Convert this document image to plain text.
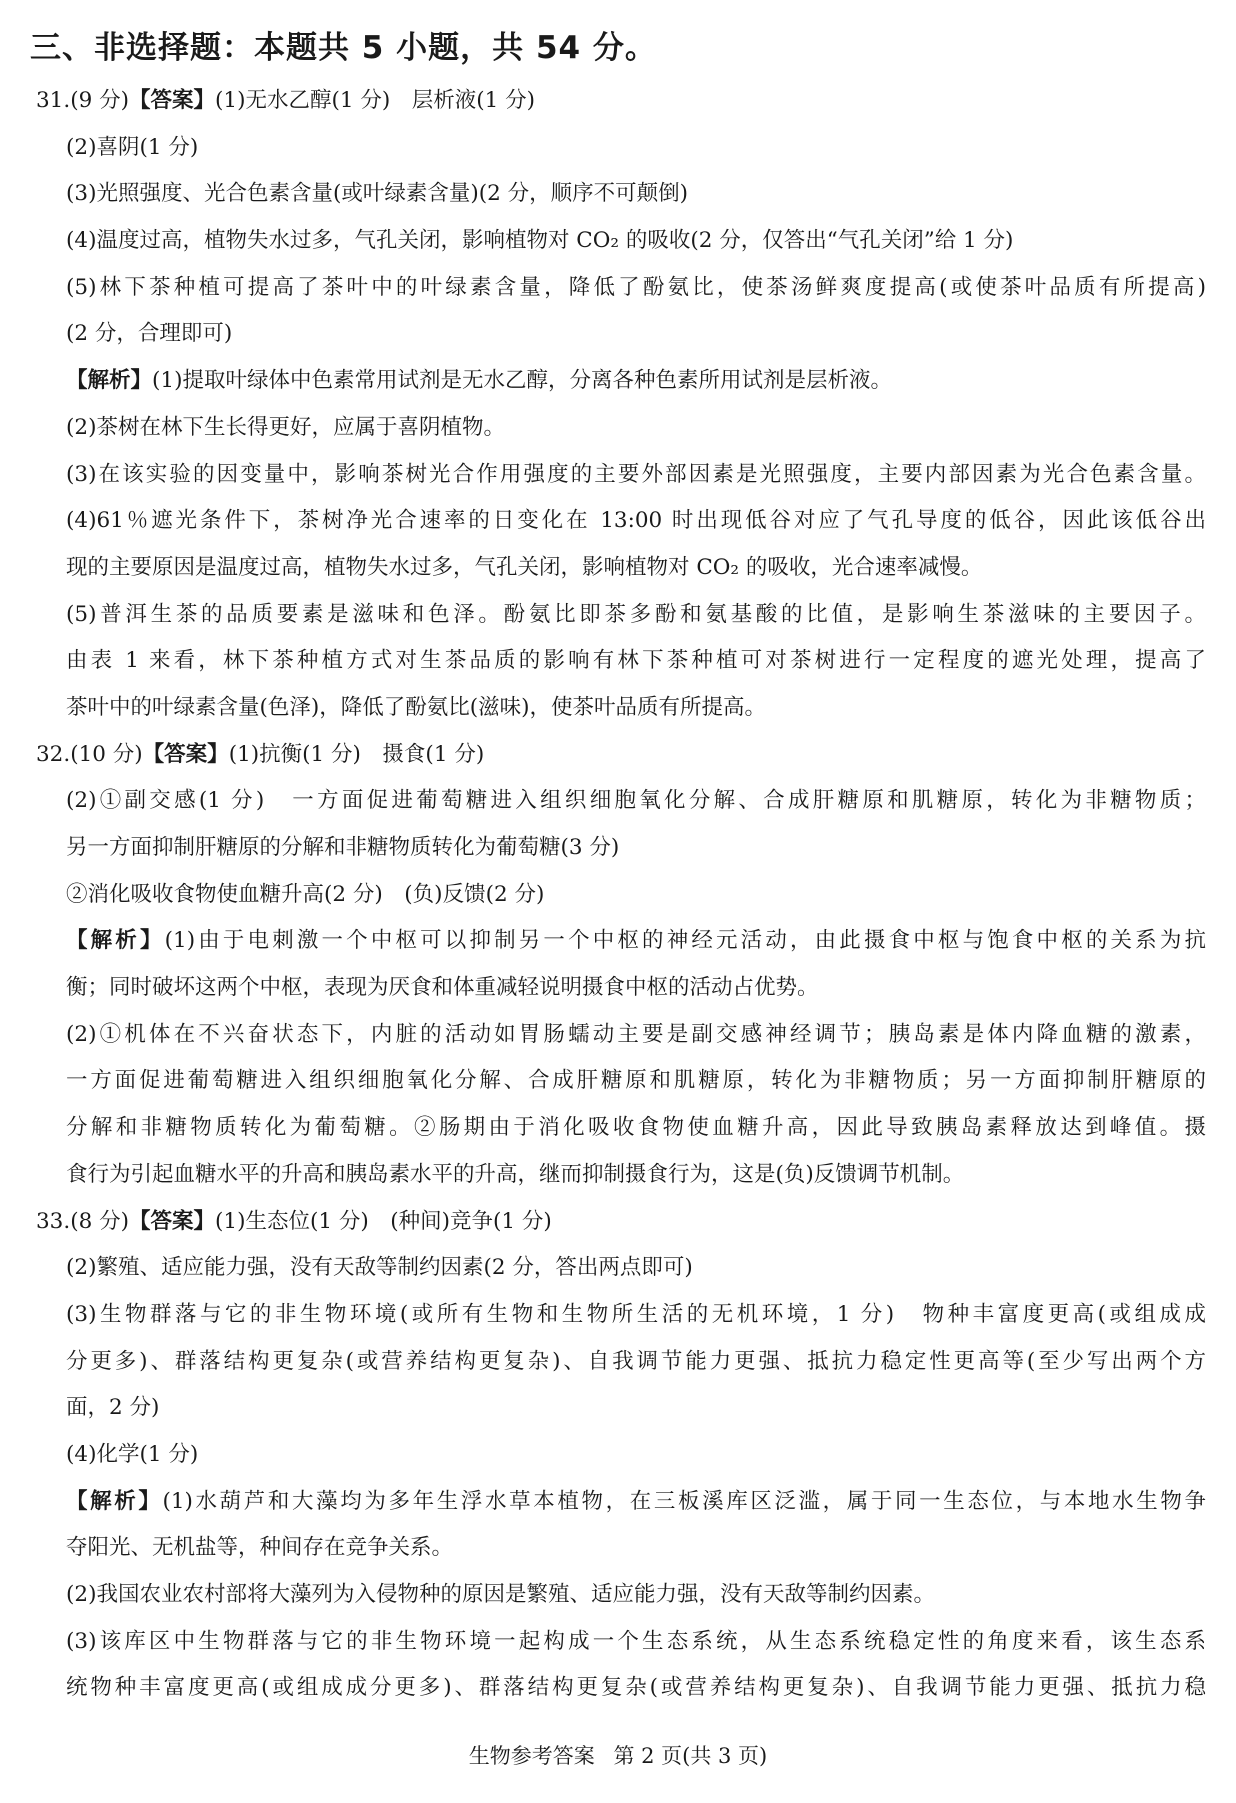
三、非选择题：本题共 5 小题，共 54 分。
31.(9 分)【答案】(1)无水乙醇(1 分)　层析液(1 分)
(2)喜阴(1 分)
(3)光照强度、光合色素含量(或叶绿素含量)(2 分，顺序不可颠倒)
(4)温度过高，植物失水过多，气孔关闭，影响植物对 CO₂ 的吸收(2 分，仅答出“气孔关闭”给 1 分)
(5)林下茶种植可提高了茶叶中的叶绿素含量，降低了酚氨比，使茶汤鲜爽度提高(或使茶叶品质有所提高)
(2 分，合理即可)
【解析】(1)提取叶绿体中色素常用试剂是无水乙醇，分离各种色素所用试剂是层析液。
(2)茶树在林下生长得更好，应属于喜阴植物。
(3)在该实验的因变量中，影响茶树光合作用强度的主要外部因素是光照强度，主要内部因素为光合色素含量。
(4)61％遮光条件下，茶树净光合速率的日变化在 13:00 时出现低谷对应了气孔导度的低谷，因此该低谷出
现的主要原因是温度过高，植物失水过多，气孔关闭，影响植物对 CO₂ 的吸收，光合速率减慢。
(5)普洱生茶的品质要素是滋味和色泽。酚氨比即茶多酚和氨基酸的比值，是影响生茶滋味的主要因子。
由表 1 来看，林下茶种植方式对生茶品质的影响有林下茶种植可对茶树进行一定程度的遮光处理，提高了
茶叶中的叶绿素含量(色泽)，降低了酚氨比(滋味)，使茶叶品质有所提高。
32.(10 分)【答案】(1)抗衡(1 分)　摄食(1 分)
(2)①副交感(1 分)　一方面促进葡萄糖进入组织细胞氧化分解、合成肝糖原和肌糖原，转化为非糖物质；
另一方面抑制肝糖原的分解和非糖物质转化为葡萄糖(3 分)
②消化吸收食物使血糖升高(2 分)　(负)反馈(2 分)
【解析】(1)由于电刺激一个中枢可以抑制另一个中枢的神经元活动，由此摄食中枢与饱食中枢的关系为抗
衡；同时破坏这两个中枢，表现为厌食和体重减轻说明摄食中枢的活动占优势。
(2)①机体在不兴奋状态下，内脏的活动如胃肠蠕动主要是副交感神经调节；胰岛素是体内降血糖的激素，
一方面促进葡萄糖进入组织细胞氧化分解、合成肝糖原和肌糖原，转化为非糖物质；另一方面抑制肝糖原的
分解和非糖物质转化为葡萄糖。②肠期由于消化吸收食物使血糖升高，因此导致胰岛素释放达到峰值。摄
食行为引起血糖水平的升高和胰岛素水平的升高，继而抑制摄食行为，这是(负)反馈调节机制。
33.(8 分)【答案】(1)生态位(1 分)　(种间)竞争(1 分)
(2)繁殖、适应能力强，没有天敌等制约因素(2 分，答出两点即可)
(3)生物群落与它的非生物环境(或所有生物和生物所生活的无机环境，1 分)　物种丰富度更高(或组成成
分更多)、群落结构更复杂(或营养结构更复杂)、自我调节能力更强、抵抗力稳定性更高等(至少写出两个方
面，2 分)
(4)化学(1 分)
【解析】(1)水葫芦和大藻均为多年生浮水草本植物，在三板溪库区泛滥，属于同一生态位，与本地水生物争
夺阳光、无机盐等，种间存在竞争关系。
(2)我国农业农村部将大藻列为入侵物种的原因是繁殖、适应能力强，没有天敌等制约因素。
(3)该库区中生物群落与它的非生物环境一起构成一个生态系统，从生态系统稳定性的角度来看，该生态系
统物种丰富度更高(或组成成分更多)、群落结构更复杂(或营养结构更复杂)、自我调节能力更强、抵抗力稳
生物参考答案 第 2 页(共 3 页)
